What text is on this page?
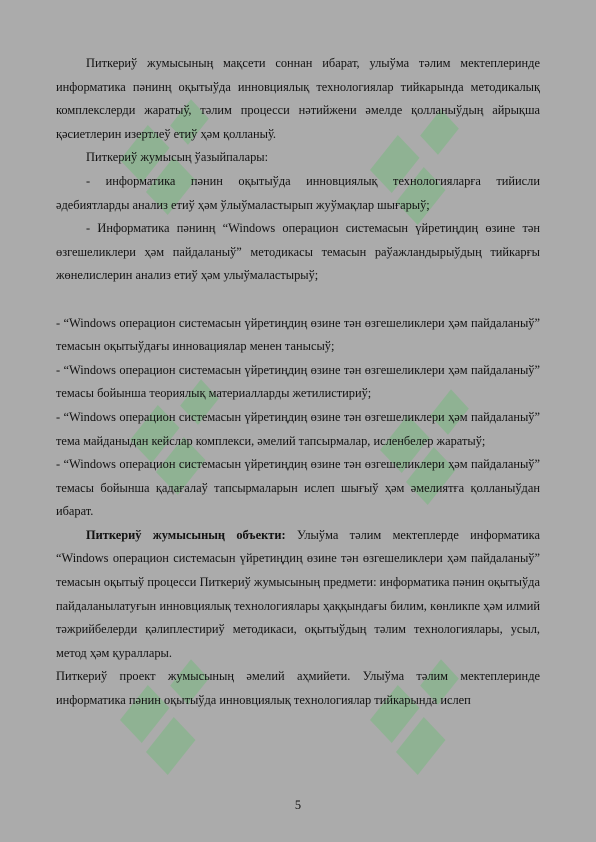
Питкериў жумысының мақсети соннан ибарат, улыўма тәлим мектеплеринде информатика пәнинң оқытыўда инновциялық технологиялар тийкарында методикалық комплекслерди жаратыў, тәлим процесси нәтийжени әмелде қолланыўдың айрықша қәсиетлерин изертлеў етиў ҳәм қолланыў.

Питкериў жумысың ўазыйпалары:

- информатика пәнин оқытыўда инновциялық технологияларға тийисли әдебиятларды анализ етиў ҳәм ўлыўмаластырып жуўмақлар шығарыў;

- Информатика пәнинң “Windows операцион системасын үйретиңдиң өзине тән өзгешеликлери ҳәм пайдаланыў” методикасы темасын раўажландырыўдың тийкарғы жөнелислерин анализ етиў ҳәм улыўмаластырыў;

- “Windows операцион системасын үйретиңдиң өзине тән өзгешеликлери ҳәм пайдаланыў” темасын оқытыўдағы инновациялар менен танысыў;

- “Windows операцион системасын үйретиңдиң өзине тән өзгешеликлери ҳәм пайдаланыў” темасы бойынша теориялық материалларды жетилистириў;

- “Windows операцион системасын үйретиңдиң өзине тән өзгешеликлери ҳәм пайдаланыў” тема майданыдан кейслар комплекси, әмелий тапсырмалар, исленбелер жаратыў;

- “Windows операцион системасын үйретиңдиң өзине тән өзгешеликлери ҳәм пайдаланыў” темасы бойынша қадағалаў тапсырмаларын ислеп шығыў ҳәм әмелиятға қолланыўдан ибарат.

Питкериў жумысының объекти: Улыўма тәлим мектеплерде информатика “Windows операцион системасын үйретиңдиң өзине тән өзгешеликлери ҳәм пайдаланыў” темасын оқытыў процесси Питкериў жумысының предмети: информатика пәнин оқытыўда пайдаланылатуғын инновциялық технологиялары ҳаққындағы билим, көнликпе ҳәм илмий тәжрийбелерди қәлиплестириў методикаси, оқытыўдың тәлим технологиялары, усыл, метод ҳәм қураллары.

Питкериў проект жумысының әмелий аҳмийети. Улыўма тәлим мектеплеринде информатика пәнин оқытыўда инновциялық технологиялар тийкарында ислеп

5
